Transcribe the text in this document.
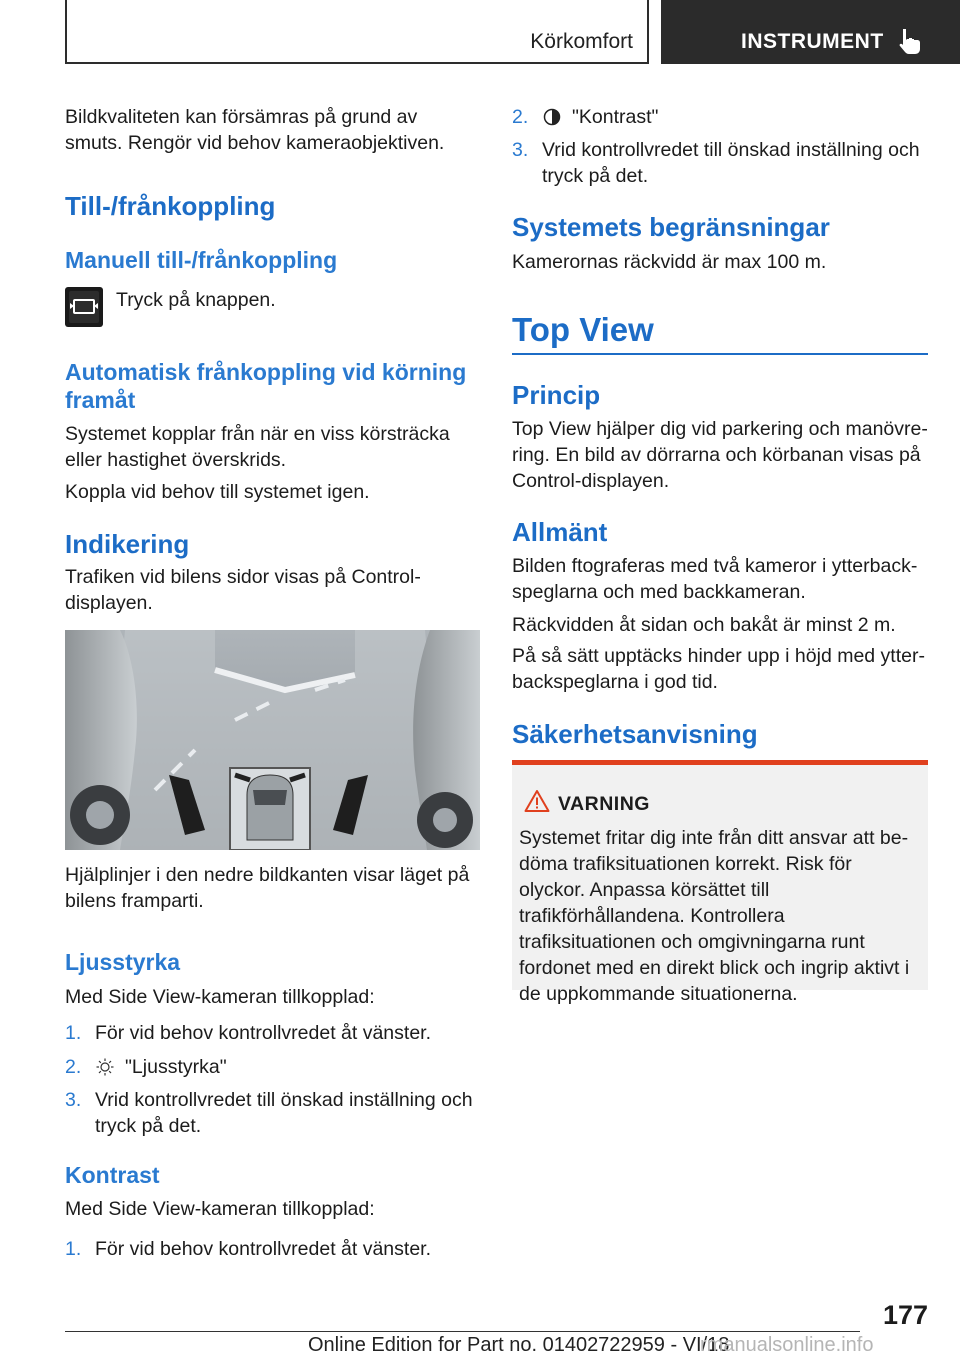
Körkomfort	INSTRUMENT

Bildkvaliteten kan försämras på grund av smuts. Rengör vid behov kameraobjektiven.

Till-/frånkoppling
Manuell till-/frånkoppling

Tryck på knappen.

Automatisk frånkoppling vid körning framåt

Systemet kopplar från när en viss körsträcka eller hastighet överskrids.

Koppla vid behov till systemet igen.

Indikering

Trafiken vid bilens sidor visas på Control-displayen.

Hjälplinjer i den nedre bildkanten visar läget på bilens framparti.

Ljusstyrka

Med Side View-kameran tillkopplad:

1. För vid behov kontrollvredet åt vänster.
2. "Ljusstyrka"
3. Vrid kontrollvredet till önskad inställning och tryck på det.
Kontrast

Med Side View-kameran tillkopplad:

1. För vid behov kontrollvredet åt vänster.
2. "Kontrast"
3. Vrid kontrollvredet till önskad inställning och tryck på det.
Systemets begränsningar

Kamerornas räckvidd är max 100 m.

Top View
Princip

Top View hjälper dig vid parkering och manövrering. En bild av dörrarna och körbanan visas på Control-displayen.

Allmänt

Bilden ftograferas med två kameror i ytterbackspeglarna och med backkameran.

Räckvidden åt sidan och bakåt är minst 2 m.

På så sätt upptäcks hinder upp i höjd med ytterbackspeglarna i god tid.

Säkerhetsanvisning
VARNING
Systemet fritar dig inte från ditt ansvar att bedöma trafiksituationen korrekt. Risk för olyckor. Anpassa körsättet till trafikförhållandena. Kontrollera trafiksituationen och omgivningarna runt fordonet med en direkt blick och ingrip aktivt i de uppkommande situationerna.
177
Online Edition for Part no. 01402722959 - VI/18
rmanualsonline.info
